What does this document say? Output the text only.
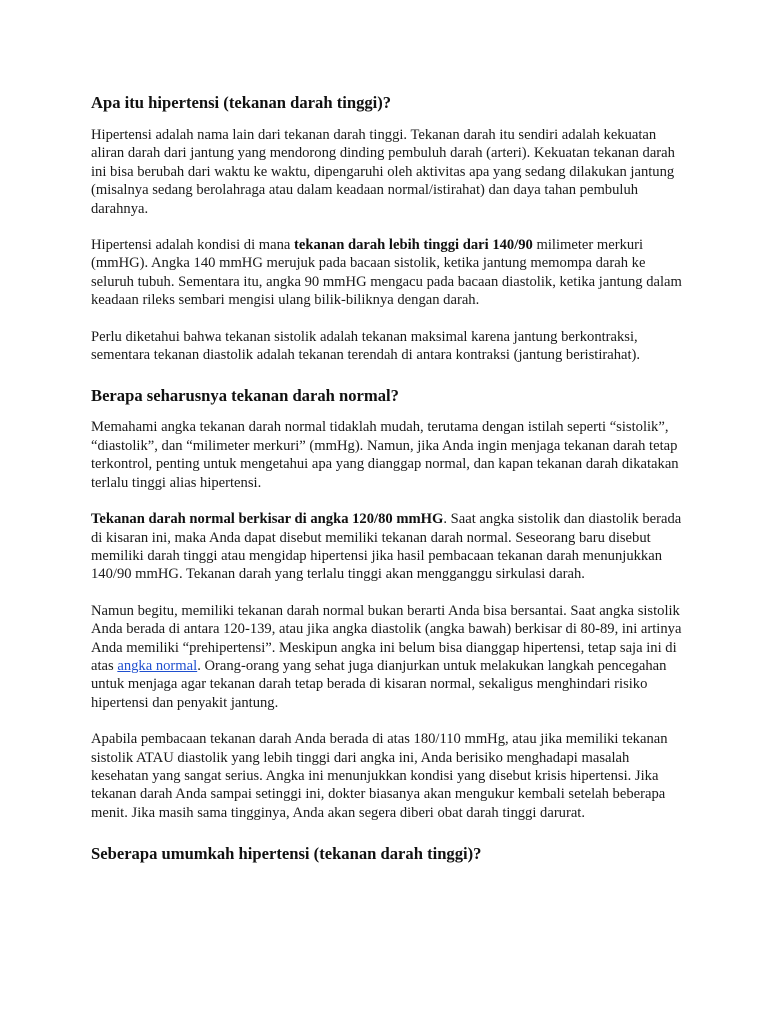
Apa itu hipertensi (tekanan darah tinggi)?

Hipertensi adalah nama lain dari tekanan darah tinggi. Tekanan darah itu sendiri adalah kekuatan aliran darah dari jantung yang mendorong dinding pembuluh darah (arteri). Kekuatan tekanan darah ini bisa berubah dari waktu ke waktu, dipengaruhi oleh aktivitas apa yang sedang dilakukan jantung (misalnya sedang berolahraga atau dalam keadaan normal/istirahat) dan daya tahan pembuluh darahnya.

Hipertensi adalah kondisi di mana tekanan darah lebih tinggi dari 140/90 milimeter merkuri (mmHG). Angka 140 mmHG merujuk pada bacaan sistolik, ketika jantung memompa darah ke seluruh tubuh. Sementara itu, angka 90 mmHG mengacu pada bacaan diastolik, ketika jantung dalam keadaan rileks sembari mengisi ulang bilik-biliknya dengan darah.

Perlu diketahui bahwa tekanan sistolik adalah tekanan maksimal karena jantung berkontraksi, sementara tekanan diastolik adalah tekanan terendah di antara kontraksi (jantung beristirahat).

Berapa seharusnya tekanan darah normal?

Memahami angka tekanan darah normal tidaklah mudah, terutama dengan istilah seperti “sistolik”, “diastolik”, dan “milimeter merkuri” (mmHg). Namun, jika Anda ingin menjaga tekanan darah tetap terkontrol, penting untuk mengetahui apa yang dianggap normal, dan kapan tekanan darah dikatakan terlalu tinggi alias hipertensi.

Tekanan darah normal berkisar di angka 120/80 mmHG. Saat angka sistolik dan diastolik berada di kisaran ini, maka Anda dapat disebut memiliki tekanan darah normal. Seseorang baru disebut memiliki darah tinggi atau mengidap hipertensi jika hasil pembacaan tekanan darah menunjukkan 140/90 mmHG. Tekanan darah yang terlalu tinggi akan mengganggu sirkulasi darah.

Namun begitu, memiliki tekanan darah normal bukan berarti Anda bisa bersantai. Saat angka sistolik Anda berada di antara 120-139, atau jika angka diastolik (angka bawah) berkisar di 80-89, ini artinya Anda memiliki “prehipertensi”. Meskipun angka ini belum bisa dianggap hipertensi, tetap saja ini di atas angka normal. Orang-orang yang sehat juga dianjurkan untuk melakukan langkah pencegahan untuk menjaga agar tekanan darah tetap berada di kisaran normal, sekaligus menghindari risiko hipertensi dan penyakit jantung.

Apabila pembacaan tekanan darah Anda berada di atas 180/110 mmHg, atau jika memiliki tekanan sistolik ATAU diastolik yang lebih tinggi dari angka ini, Anda berisiko menghadapi masalah kesehatan yang sangat serius. Angka ini menunjukkan kondisi yang disebut krisis hipertensi. Jika tekanan darah Anda sampai setinggi ini, dokter biasanya akan mengukur kembali setelah beberapa menit. Jika masih sama tingginya, Anda akan segera diberi obat darah tinggi darurat.

Seberapa umumkah hipertensi (tekanan darah tinggi)?
